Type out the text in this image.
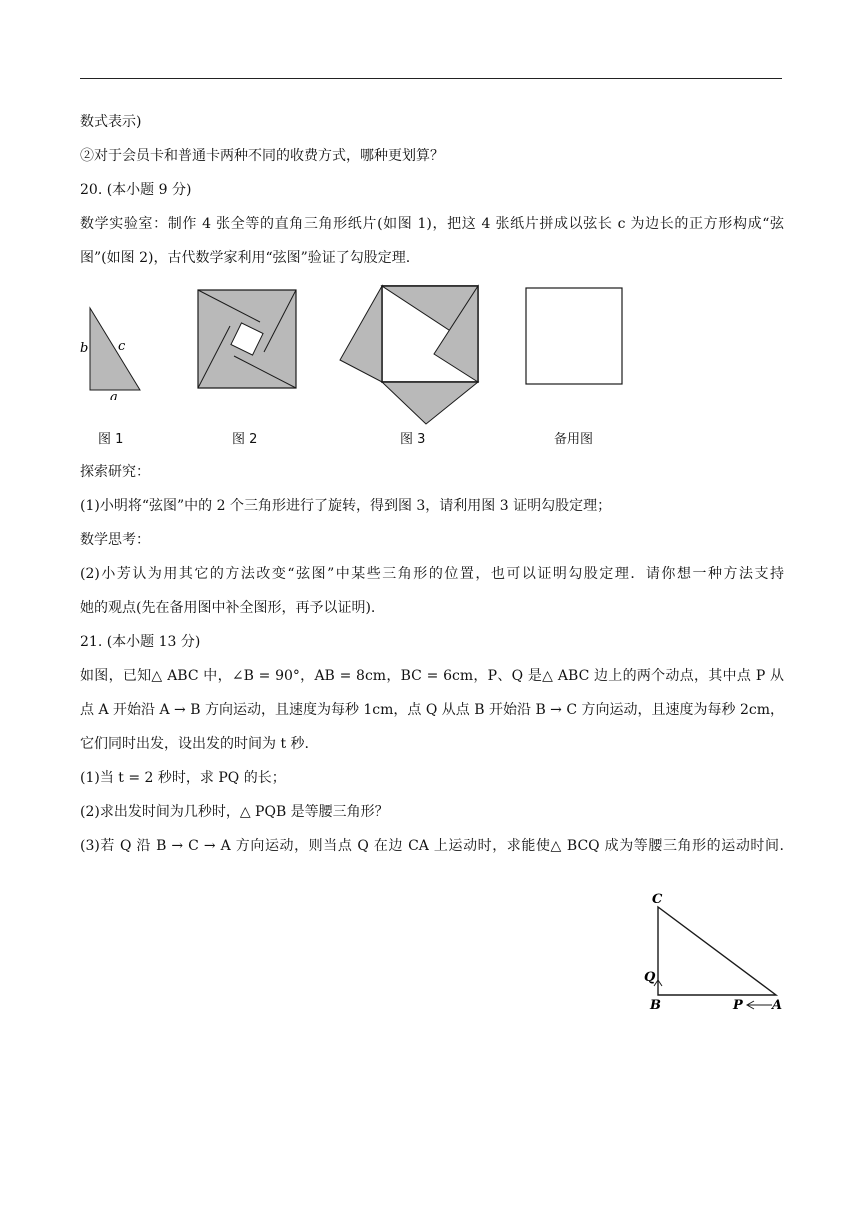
数式表示)
②对于会员卡和普通卡两种不同的收费方式，哪种更划算？
20. (本小题 9 分)
数学实验室：制作 4 张全等的直角三角形纸片(如图 1)，把这 4 张纸片拼成以弦长 c 为边长的正方形构成“弦
图”(如图 2)，古代数学家利用“弦图”验证了勾股定理.
b c
a
图 1	图 2	图 3	备用图
探索研究：
(1)小明将“弦图”中的 2 个三角形进行了旋转，得到图 3，请利用图 3 证明勾股定理；
数学思考：
(2)小芳认为用其它的方法改变“弦图”中某些三角形的位置，也可以证明勾股定理．请你想一种方法支持
她的观点(先在备用图中补全图形，再予以证明).
21. (本小题 13 分)
如图，已知△ ABC 中，∠B = 90°，AB = 8cm，BC = 6cm，P、Q 是△ ABC 边上的两个动点，其中点 P 从
点 A 开始沿 A → B 方向运动，且速度为每秒 1cm，点 Q 从点 B 开始沿 B → C 方向运动，且速度为每秒 2cm，
它们同时出发，设出发的时间为 t 秒.
(1)当 t = 2 秒时，求 PQ 的长；
(2)求出发时间为几秒时，△ PQB 是等腰三角形？
(3)若 Q 沿 B → C → A 方向运动，则当点 Q 在边 CA 上运动时，求能使△ BCQ 成为等腰三角形的运动时间.
C
Q
B	P A
